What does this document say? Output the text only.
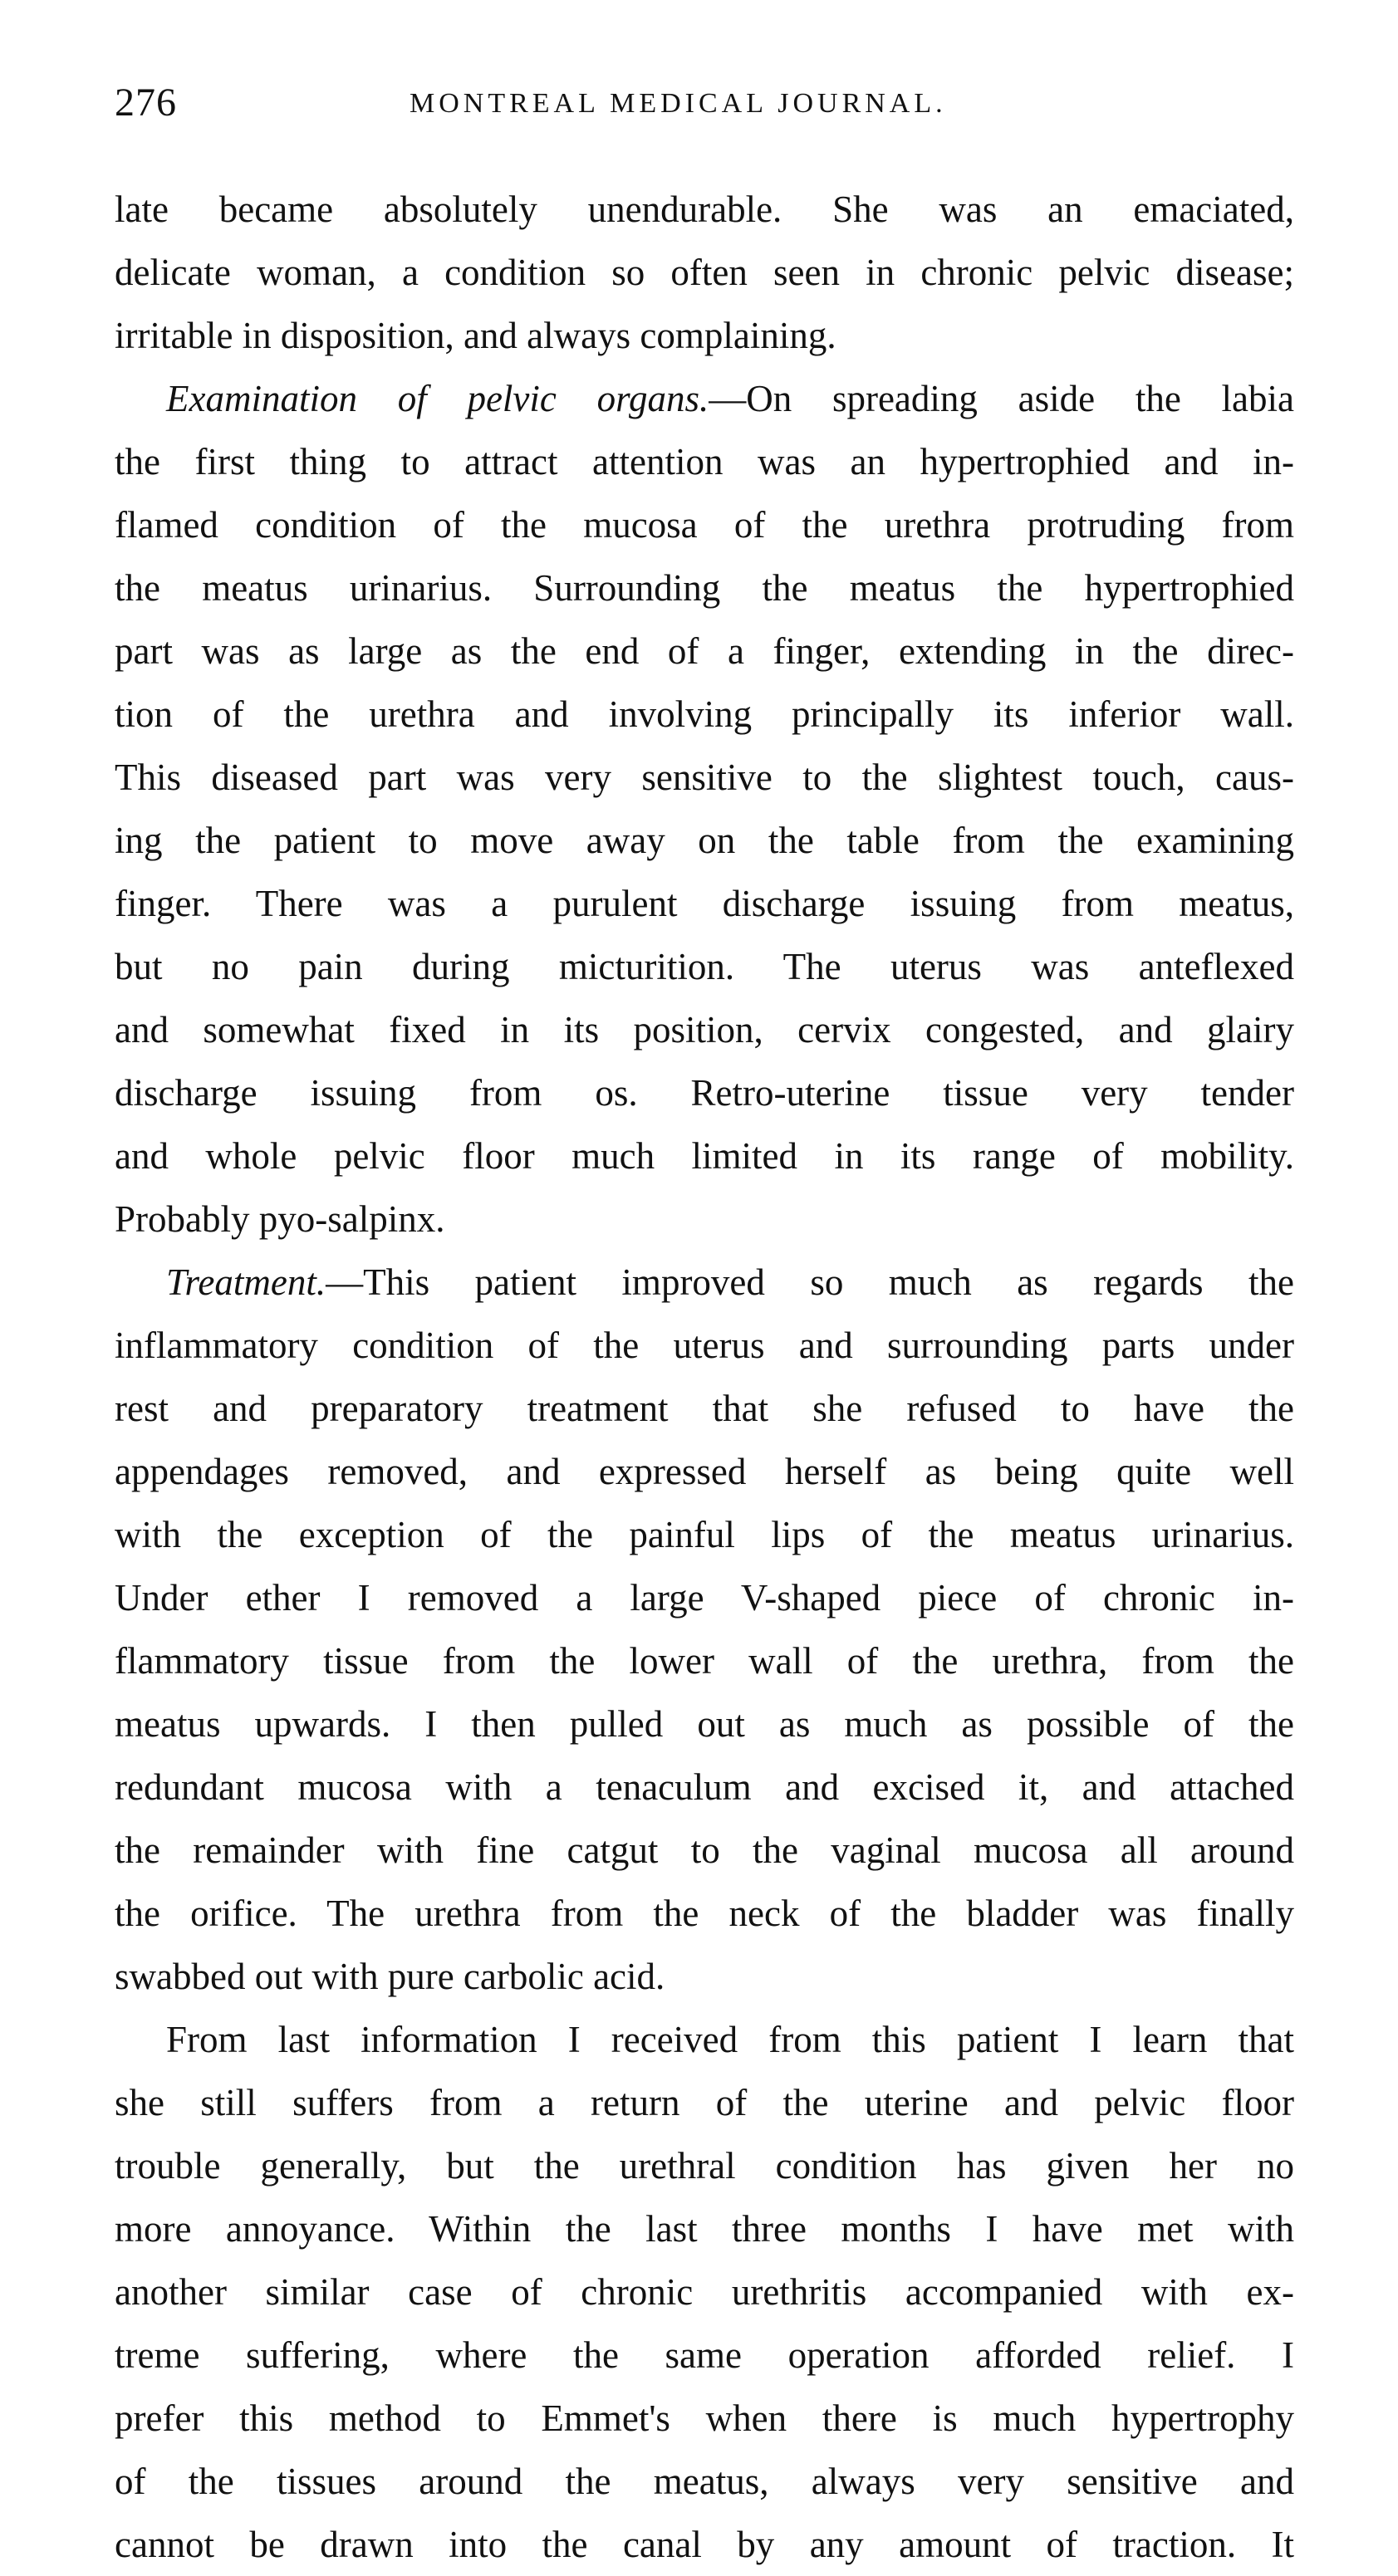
276	MONTREAL MEDICAL JOURNAL.
late became absolutely unendurable. She was an emaciated,
delicate woman, a condition so often seen in chronic pelvic disease;
irritable in disposition, and always complaining.
Examination of pelvic organs.—On spreading aside the labia
the first thing to attract attention was an hypertrophied and in-
flamed condition of the mucosa of the urethra protruding from
the meatus urinarius. Surrounding the meatus the hypertrophied
part was as large as the end of a finger, extending in the direc-
tion of the urethra and involving principally its inferior wall.
This diseased part was very sensitive to the slightest touch, caus-
ing the patient to move away on the table from the examining
finger. There was a purulent discharge issuing from meatus,
but no pain during micturition. The uterus was anteflexed
and somewhat fixed in its position, cervix congested, and glairy
discharge issuing from os. Retro-uterine tissue very tender
and whole pelvic floor much limited in its range of mobility.
Probably pyo-salpinx.
Treatment.—This patient improved so much as regards the
inflammatory condition of the uterus and surrounding parts under
rest and preparatory treatment that she refused to have the
appendages removed, and expressed herself as being quite well
with the exception of the painful lips of the meatus urinarius.
Under ether I removed a large V-shaped piece of chronic in-
flammatory tissue from the lower wall of the urethra, from the
meatus upwards. I then pulled out as much as possible of the
redundant mucosa with a tenaculum and excised it, and attached
the remainder with fine catgut to the vaginal mucosa all around
the orifice. The urethra from the neck of the bladder was finally
swabbed out with pure carbolic acid.
From last information I received from this patient I learn that
she still suffers from a return of the uterine and pelvic floor
trouble generally, but the urethral condition has given her no
more annoyance. Within the last three months I have met with
another similar case of chronic urethritis accompanied with ex-
treme suffering, where the same operation afforded relief. I
prefer this method to Emmet's when there is much hypertrophy
of the tissues around the meatus, always very sensitive and
cannot be drawn into the canal by any amount of traction. It
